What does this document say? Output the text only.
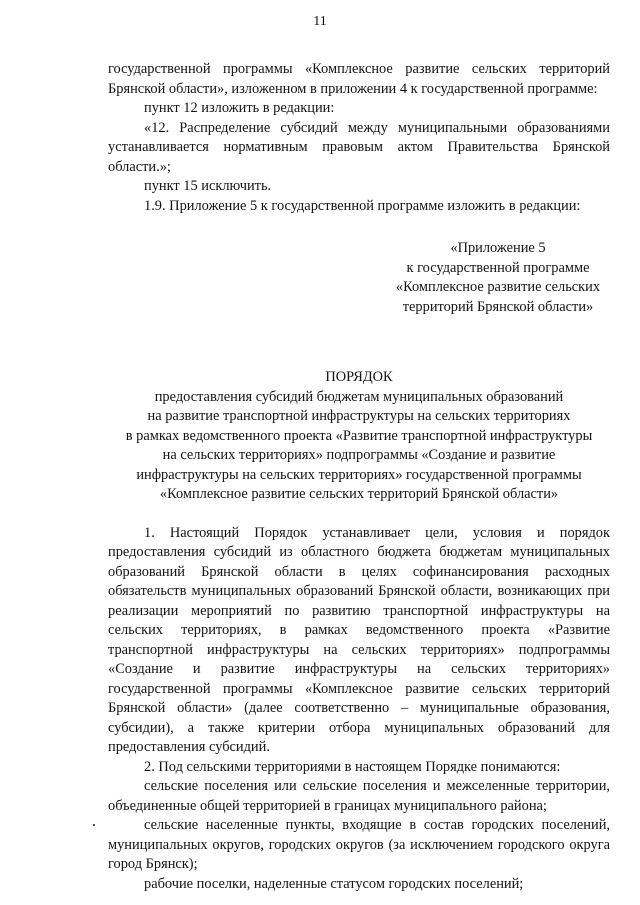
11

государственной программы «Комплексное развитие сельских территорий Брянской области», изложенном в приложении 4 к государственной программе:

пункт 12 изложить в редакции:

«12. Распределение субсидий между муниципальными образованиями устанавливается нормативным правовым актом Правительства Брянской области.»;

пункт 15 исключить.

1.9. Приложение 5 к государственной программе изложить в редакции:

«Приложение 5
к государственной программе
«Комплексное развитие сельских
территорий Брянской области»
ПОРЯДОК
предоставления субсидий бюджетам муниципальных образований
на развитие транспортной инфраструктуры на сельских территориях
в рамках ведомственного проекта «Развитие транспортной инфраструктуры
на сельских территориях» подпрограммы «Создание и развитие
инфраструктуры на сельских территориях» государственной программы
«Комплексное развитие сельских территорий Брянской области»

1. Настоящий Порядок устанавливает цели, условия и порядок предоставления субсидий из областного бюджета бюджетам муниципальных образований Брянской области в целях софинансирования расходных обязательств муниципальных образований Брянской области, возникающих при реализации мероприятий по развитию транспортной инфраструктуры на сельских территориях, в рамках ведомственного проекта «Развитие транспортной инфраструктуры на сельских территориях» подпрограммы «Создание и развитие инфраструктуры на сельских территориях» государственной программы «Комплексное развитие сельских территорий Брянской области» (далее соответственно – муниципальные образования, субсидии), а также критерии отбора муниципальных образований для предоставления субсидий.

2. Под сельскими территориями в настоящем Порядке понимаются:

сельские поселения или сельские поселения и межселенные территории, объединенные общей территорией в границах муниципального района;

сельские населенные пункты, входящие в состав городских поселений, муниципальных округов, городских округов (за исключением городского округа город Брянск);

рабочие поселки, наделенные статусом городских поселений;
